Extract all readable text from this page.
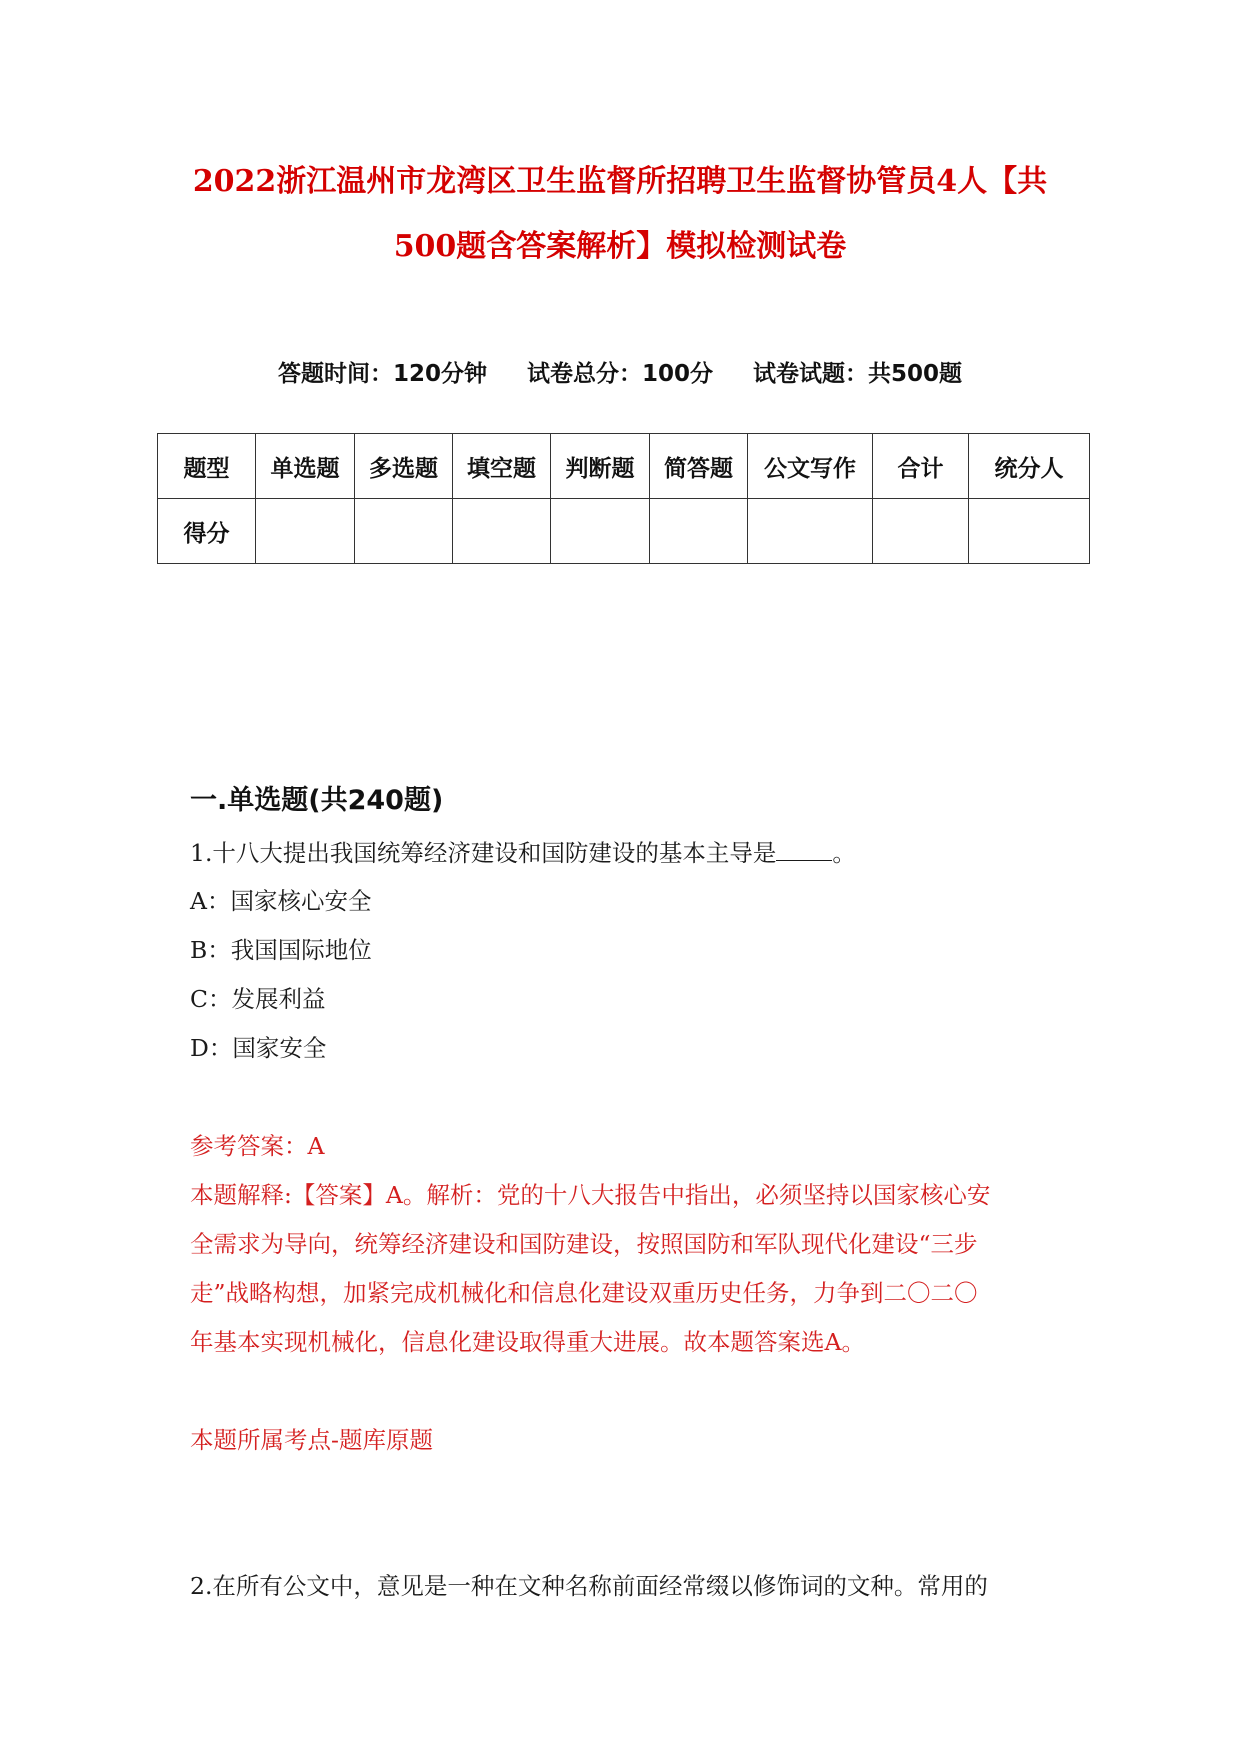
2022浙江温州市龙湾区卫生监督所招聘卫生监督协管员4人【共
500题含答案解析】模拟检测试卷
答题时间：120分钟 试卷总分：100分 试卷试题：共500题
题型	单选题	多选题	填空题	判断题	简答题	公文写作	合计	统分人
得分								
一.单选题(共240题)
1.十八大提出我国统筹经济建设和国防建设的基本主导是 。
A：国家核心安全
B：我国国际地位
C：发展利益
D：国家安全
参考答案：A
本题解释:【答案】A。解析：党的十八大报告中指出，必须坚持以国家核心安
全需求为导向，统筹经济建设和国防建设，按照国防和军队现代化建设“三步
走”战略构想，加紧完成机械化和信息化建设双重历史任务，力争到二〇二〇
年基本实现机械化，信息化建设取得重大进展。故本题答案选A。
本题所属考点-题库原题
2.在所有公文中，意见是一种在文种名称前面经常缀以修饰词的文种。常用的
